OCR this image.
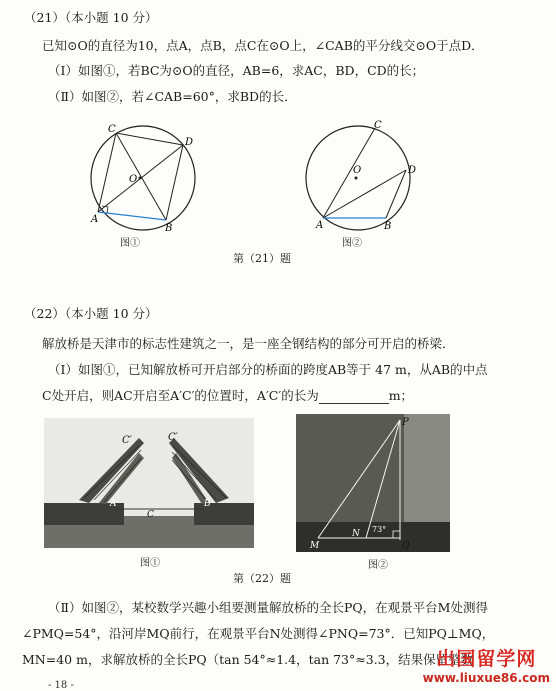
（21）（本小题 10 分）
已知⊙O的直径为10，点A，点B，点C在⊙O上，∠CAB的平分线交⊙O于点D．
（Ⅰ）如图①，若BC为⊙O的直径，AB=6，求AC，BD，CD的长；
（Ⅱ）如图②，若∠CAB=60°，求BD的长．
C
D
O
A
B
图①
C
D
O
A	B
图②
第（21）题
（22）（本小题 10 分）
解放桥是天津市的标志性建筑之一，是一座全钢结构的部分可开启的桥梁．
（Ⅰ）如图①，已知解放桥可开启部分的桥面的跨度AB等于 47 m，从AB的中点
C处开启，则AC开启至A′C′的位置时，A′C′的长为	m；
C′	C′
A	B
C
图①
P
N
Q
M
73°
图②
第（22）题
（Ⅱ）如图②，某校数学兴趣小组要测量解放桥的全长PQ，在观景平台M处测得
∠PMQ=54°，沿河岸MQ前行，在观景平台N处测得∠PNQ=73°．已知PQ⊥MQ，
MN=40 m，求解放桥的全长PQ（tan 54°≈1.4，tan 73°≈3.3，结果保留整数
- 18 -
出国留学网
www.liuxue86.com
